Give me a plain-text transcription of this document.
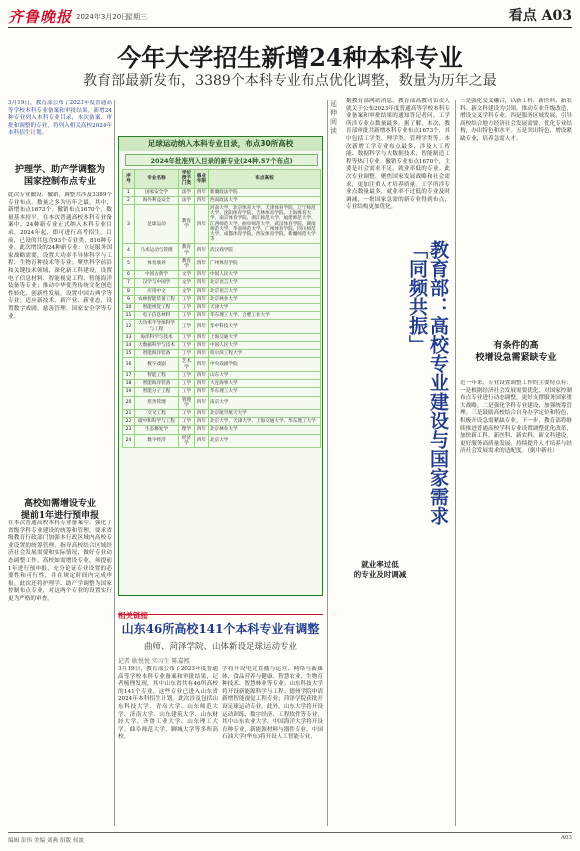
齐鲁晚报 2024年3月20日
星期三	看点 A03
今年大学招生新增24种本科专业
教育部最新发布，3389个本科专业布点优化调整，数量为历年之最
3月19日，教育部公布了2023年度普通高等学校本科专业备案和审批结果。新增24种专业列入本科专业目录，本次备案、审批和调整的专业，将列入相关高校2024年本科招生计划。
护理学、助产学调整为
国家控制布点专业
此次专业撤设、撤销、调整共涉及3389个专业布点，数量之多为历年之最。其中，新增布点1673个，撤销布点1670个，数量基本持平。在本次普通高校本科专业备案中，24种新专业正式纳入本科专业目录，2024年起，即可进行高考招生。目前，已设的共包含93个专业类、816种专业。此次增设的24种新专业：立足服务国家战略需要，设置大功率半导体科学与工程、生物育种技术等专业；聚焦科学前沿和关键技术领域，深化新工科建设，设置电子信息材料、智能视觉工程、智能海洋装备等专业；推动中华优秀传统文化创造性转化、创新性发展，设置中国古典学等专业；适应新技术、新产业、新业态，设置数字戏剧、慈善管理、国家安全学等专业。
高校如需增设专业
提前1年进行预申报
在本次普通高校本科专业备案中，强化了省级学科专业建设的统筹和管理，要求省级教育行政部门加强本行政区域内高校专业设置的统筹管理，指导高校结合区域经济社会发展需要和实际情况，做好专业动态调整工作。高校如需增设专业，须提前1年进行预申报，充分论证专业设置的必要性和可行性，并在规定时间内完成申报。此次还将护理学、助产学调整为国家控制布点专业，对这两个专业的设置实行更为严格的审查。
足球运动纳入本科专业目录，布点30所高校
2024年批准列入目录的新专业(24种.57个布点)
序号	专业名称	学位授予门类	修业年限	布点高校
1	国家安全学	法学	四年	新疆政法学院
2	海外利益安全	法学	四年	西南政法大学
3	足球运动	教育学	四年	河南大学、北京体育大学、天津体育学院、辽宁师范大学、沈阳体育学院、吉林体育学院、上海体育大学、南京体育学院、浙江师范大学、福建师范大学、江西师范大学、曲阜师范大学、武汉体育学院、湖南师范大学、华南师范大学、广州体育学院、四川师范大学、成都体育学院、西安体育学院、新疆师范大学等
4	马术运动与管理	教育学	四年	武汉商学院
5	体育康养	教育学	四年	广州体育学院
6	中国古典学	文学	四年	中国人民大学
7	汉学与中国学	文学	四年	北京语言大学
8	应用中文	文学	四年	北京语言大学
9	农林智能装备工程	工学	四年	北京林业大学
10	智能视觉工程	工学	四年	天津大学
11	电子信息材料	工学	四年	华东理工大学、合肥工业大学
12	大功率半导体科学与工程	工学	四年	华中科技大学
13	海洋科学与技术	工学	四年	上海交通大学
14	大数据科学与技术	工学	四年	中国人民大学
15	智能海洋装备	工学	四年	哈尔滨工程大学
16	数字戏剧	艺术学	四年	中央戏剧学院
17	智能工程	工学	四年	山东大学
18	智能海洋装备	工学	四年	大连海事大学
19	智能分子工程	工学	四年	华东理工大学
20	慈善管理	管理学	四年	南京大学
21	交叉工程	工学	四年	北京航空航天大学
22	碳中和科学与工程	工学	四年	北京大学、天津大学、上海交通大学、华东理工大学
23	生态修复学	理学	四年	北京林业大学
24	数字经济	经济学	四年	北京大学
相关链接
山东46所高校141个本科专业有调整
曲师、菏泽学院、山体新设足球运动专业
记者 耿悦悦 实习生 陈嘉熙
3月19日，教育部公布了2023年度普通高等学校本科专业备案和审批结果，记者梳理发现，其中山东省共有46所高校的141个专业，这些专业已进入山东省2024年本科招生计划。此次涉及包括山东科技大学、青岛大学、山东师范大学、济南大学、山东建筑大学、山东财经大学、齐鲁工业大学、山东理工大学、曲阜师范大学、聊城大学等多所高校。
学将开设电竞直播与运营、网络与新媒体、食品营养与健康、智慧农业、生物育种技术、智慧林业等专业；山东科技大学将开设新能源科学与工程；德州学院申请新增智能视觉工程专业；菏泽学院获批开设足球运动专业。此外，山东大学将开设运动训练、数字经济、工程软件等专业，其中山东农业大学、中国海洋大学将开设育种专业，新能源材料与器件专业，中国石油大学(华东)将开设人工智能专业。
延伸阅读
据教育部网站消息，教育部高教司负责人就关于公布2023年度普通高等学校本科专业备案和审批结果的通知答记者问。工学所涉专业点数量最多。据了解，本次，教育部审批共新增本科专业布点1673个，其中包括工学类、理学类、管理学类等。本次新增工学专业布点最多，涉及人工智能、数据科学与大数据技术、智能制造工程等热门专业。撤销专业布点1670个，主要是社会需求不足、就业率低的专业。此次专业调整，聚焦国家发展战略和社会需求，更加注重人才培养质量。工学所涉专业点数量最多，就业率不过低的专业及时调减，一批国家急需的新专业得到布点，专业结构更加优化。
教育部：高校专业建设与国家需求「同频共振」
就业率过低
的专业及时调减
三是强化交叉融合，以新工科、新医科、新农科、新文科建设为引领，推动专业升级改造，增设交叉学科专业。四是服务区域发展，引导高校结合地方经济社会发展需要，优化专业结构，办出特色和水平。五是突出特色，增设紧缺专业，培养急需人才。
有条件的高
校增设急需紧缺专业
近一年来，专业设置调整工作的主要特点有：一是根据经济社会发展需要优化，对国家控制布点专业进行动态调整，更好支撑服务国家重大战略。二是强化学科专业建设，加强统筹管理。三是鼓励高校结合自身办学定位和特色，积极开设急需紧缺专业。下一步，教育部将继续推进普通高校学科专业设置调整优化改革，加快新工科、新医科、新农科、新文科建设，更好服务高质量发展，持续提升人才培养与经济社会发展需求的适配度。（据中新社）
编辑 彭伟 美编 刘燕 组版 侯波	A03
